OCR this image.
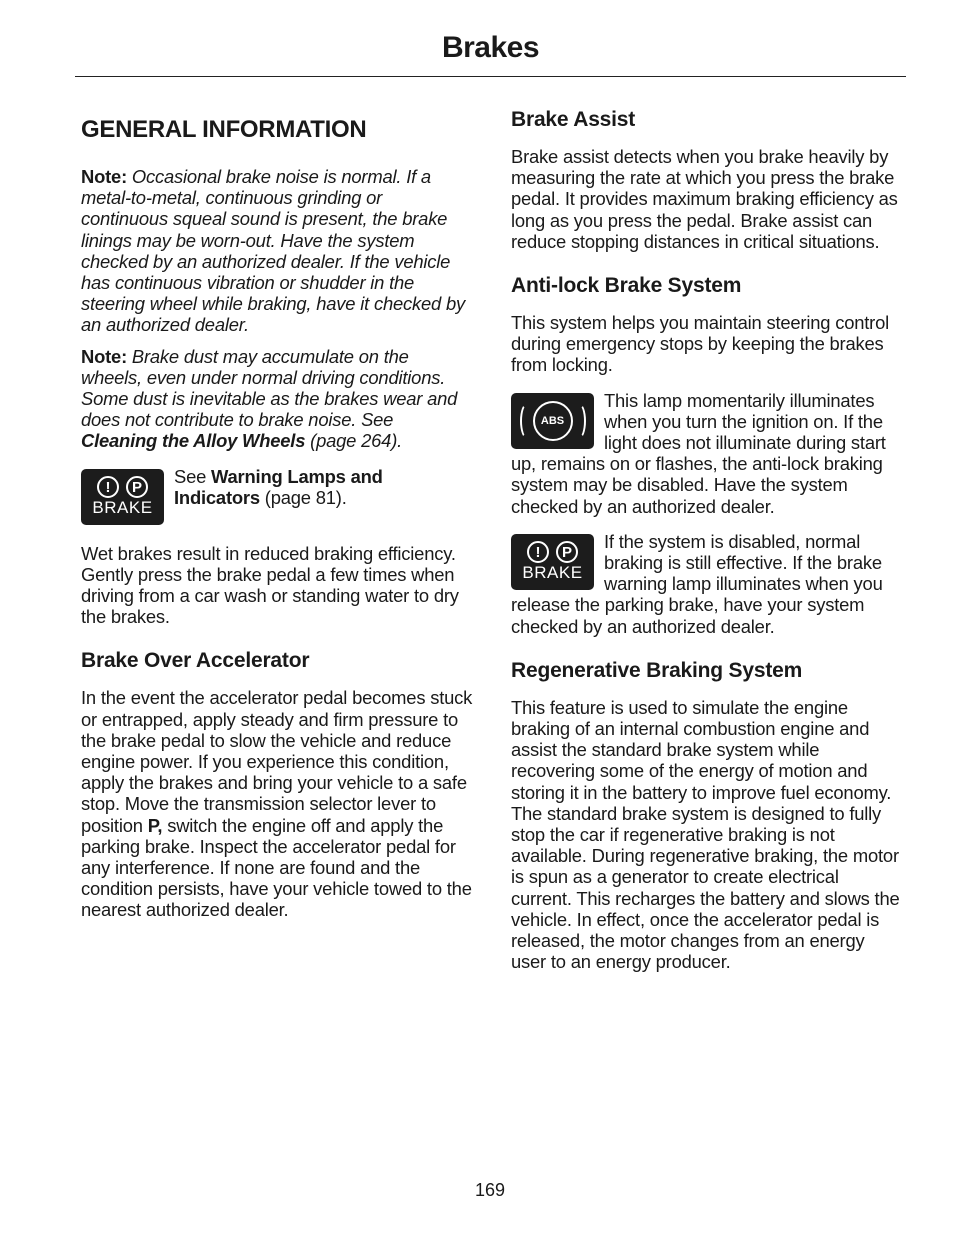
Brakes
GENERAL INFORMATION

Note: Occasional brake noise is normal. If a metal-to-metal, continuous grinding or continuous squeal sound is present, the brake linings may be worn-out. Have the system checked by an authorized dealer. If the vehicle has continuous vibration or shudder in the steering wheel while braking, have it checked by an authorized dealer.

Note: Brake dust may accumulate on the wheels, even under normal driving conditions. Some dust is inevitable as the brakes wear and does not contribute to brake noise. See Cleaning the Alloy Wheels (page 264).

!	P
BRAKE

See Warning Lamps and Indicators (page 81).

Wet brakes result in reduced braking efficiency. Gently press the brake pedal a few times when driving from a car wash or standing water to dry the brakes.

Brake Over Accelerator

In the event the accelerator pedal becomes stuck or entrapped, apply steady and firm pressure to the brake pedal to slow the vehicle and reduce engine power. If you experience this condition, apply the brakes and bring your vehicle to a safe stop. Move the transmission selector lever to position P, switch the engine off and apply the parking brake. Inspect the accelerator pedal for any interference. If none are found and the condition persists, have your vehicle towed to the nearest authorized dealer.

Brake Assist

Brake assist detects when you brake heavily by measuring the rate at which you press the brake pedal. It provides maximum braking efficiency as long as you press the pedal. Brake assist can reduce stopping distances in critical situations.

Anti-lock Brake System

This system helps you maintain steering control during emergency stops by keeping the brakes from locking.

ABS

This lamp momentarily illuminates when you turn the ignition on. If the light does not illuminate during start up, remains on or flashes, the anti-lock braking system may be disabled. Have the system checked by an authorized dealer.

!	P
BRAKE

If the system is disabled, normal braking is still effective. If the brake warning lamp illuminates when you release the parking brake, have your system checked by an authorized dealer.

Regenerative Braking System

This feature is used to simulate the engine braking of an internal combustion engine and assist the standard brake system while recovering some of the energy of motion and storing it in the battery to improve fuel economy. The standard brake system is designed to fully stop the car if regenerative braking is not available. During regenerative braking, the motor is spun as a generator to create electrical current. This recharges the battery and slows the vehicle. In effect, once the accelerator pedal is released, the motor changes from an energy user to an energy producer.

169
